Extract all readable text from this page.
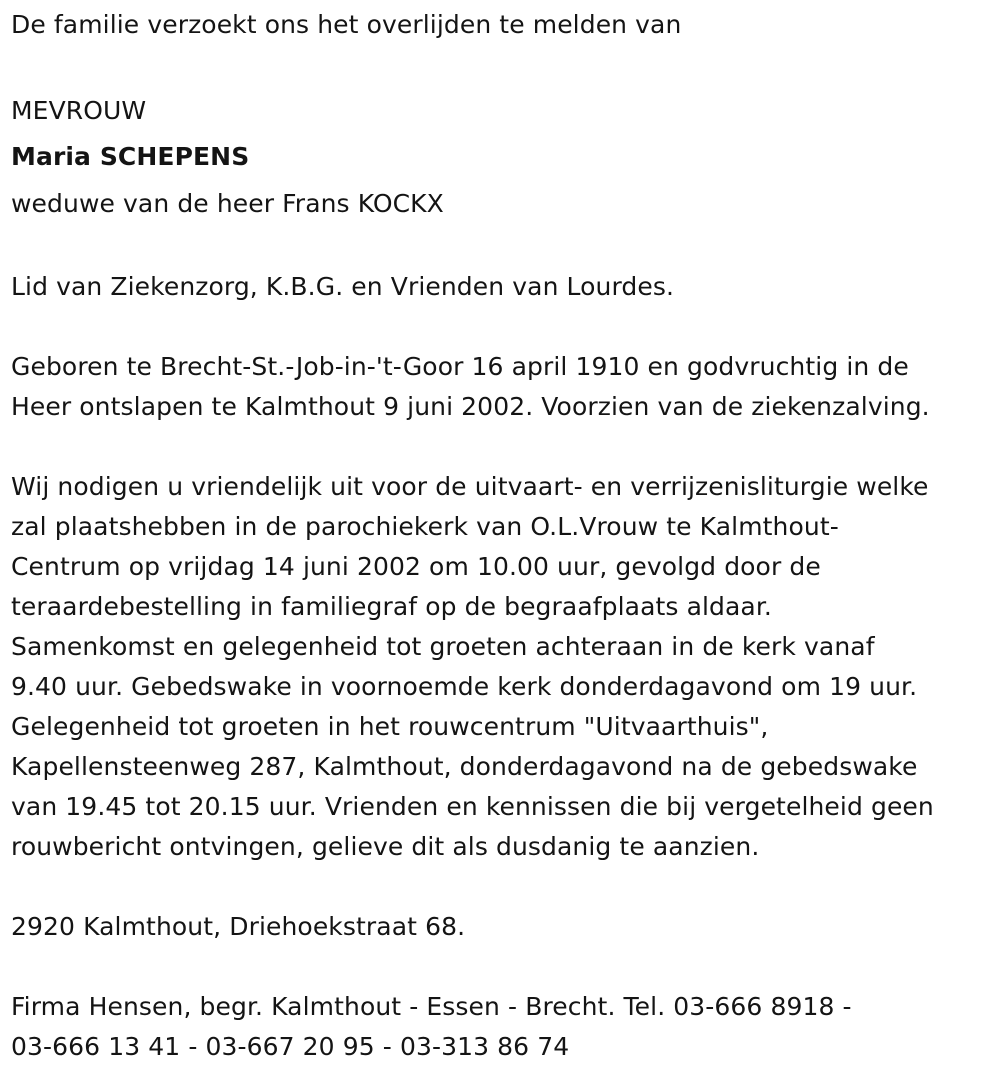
De familie verzoekt ons het overlijden te melden van
MEVROUW
Maria SCHEPENS
weduwe van de heer Frans KOCKX
Lid van Ziekenzorg, K.B.G. en Vrienden van Lourdes.
Geboren te Brecht-St.-Job-in-'t-Goor 16 april 1910 en godvruchtig in de
Heer ontslapen te Kalmthout 9 juni 2002. Voorzien van de ziekenzalving.
Wij nodigen u vriendelijk uit voor de uitvaart- en verrijzenisliturgie welke
zal plaatshebben in de parochiekerk van O.L.Vrouw te Kalmthout-
Centrum op vrijdag 14 juni 2002 om 10.00 uur, gevolgd door de
teraardebestelling in familiegraf op de begraafplaats aldaar.
Samenkomst en gelegenheid tot groeten achteraan in de kerk vanaf
9.40 uur. Gebedswake in voornoemde kerk donderdagavond om 19 uur.
Gelegenheid tot groeten in het rouwcentrum "Uitvaarthuis",
Kapellensteenweg 287, Kalmthout, donderdagavond na de gebedswake
van 19.45 tot 20.15 uur. Vrienden en kennissen die bij vergetelheid geen
rouwbericht ontvingen, gelieve dit als dusdanig te aanzien.
2920 Kalmthout, Driehoekstraat 68.
Firma Hensen, begr. Kalmthout - Essen - Brecht. Tel. 03-666 8918 -
03-666 13 41 - 03-667 20 95 - 03-313 86 74
